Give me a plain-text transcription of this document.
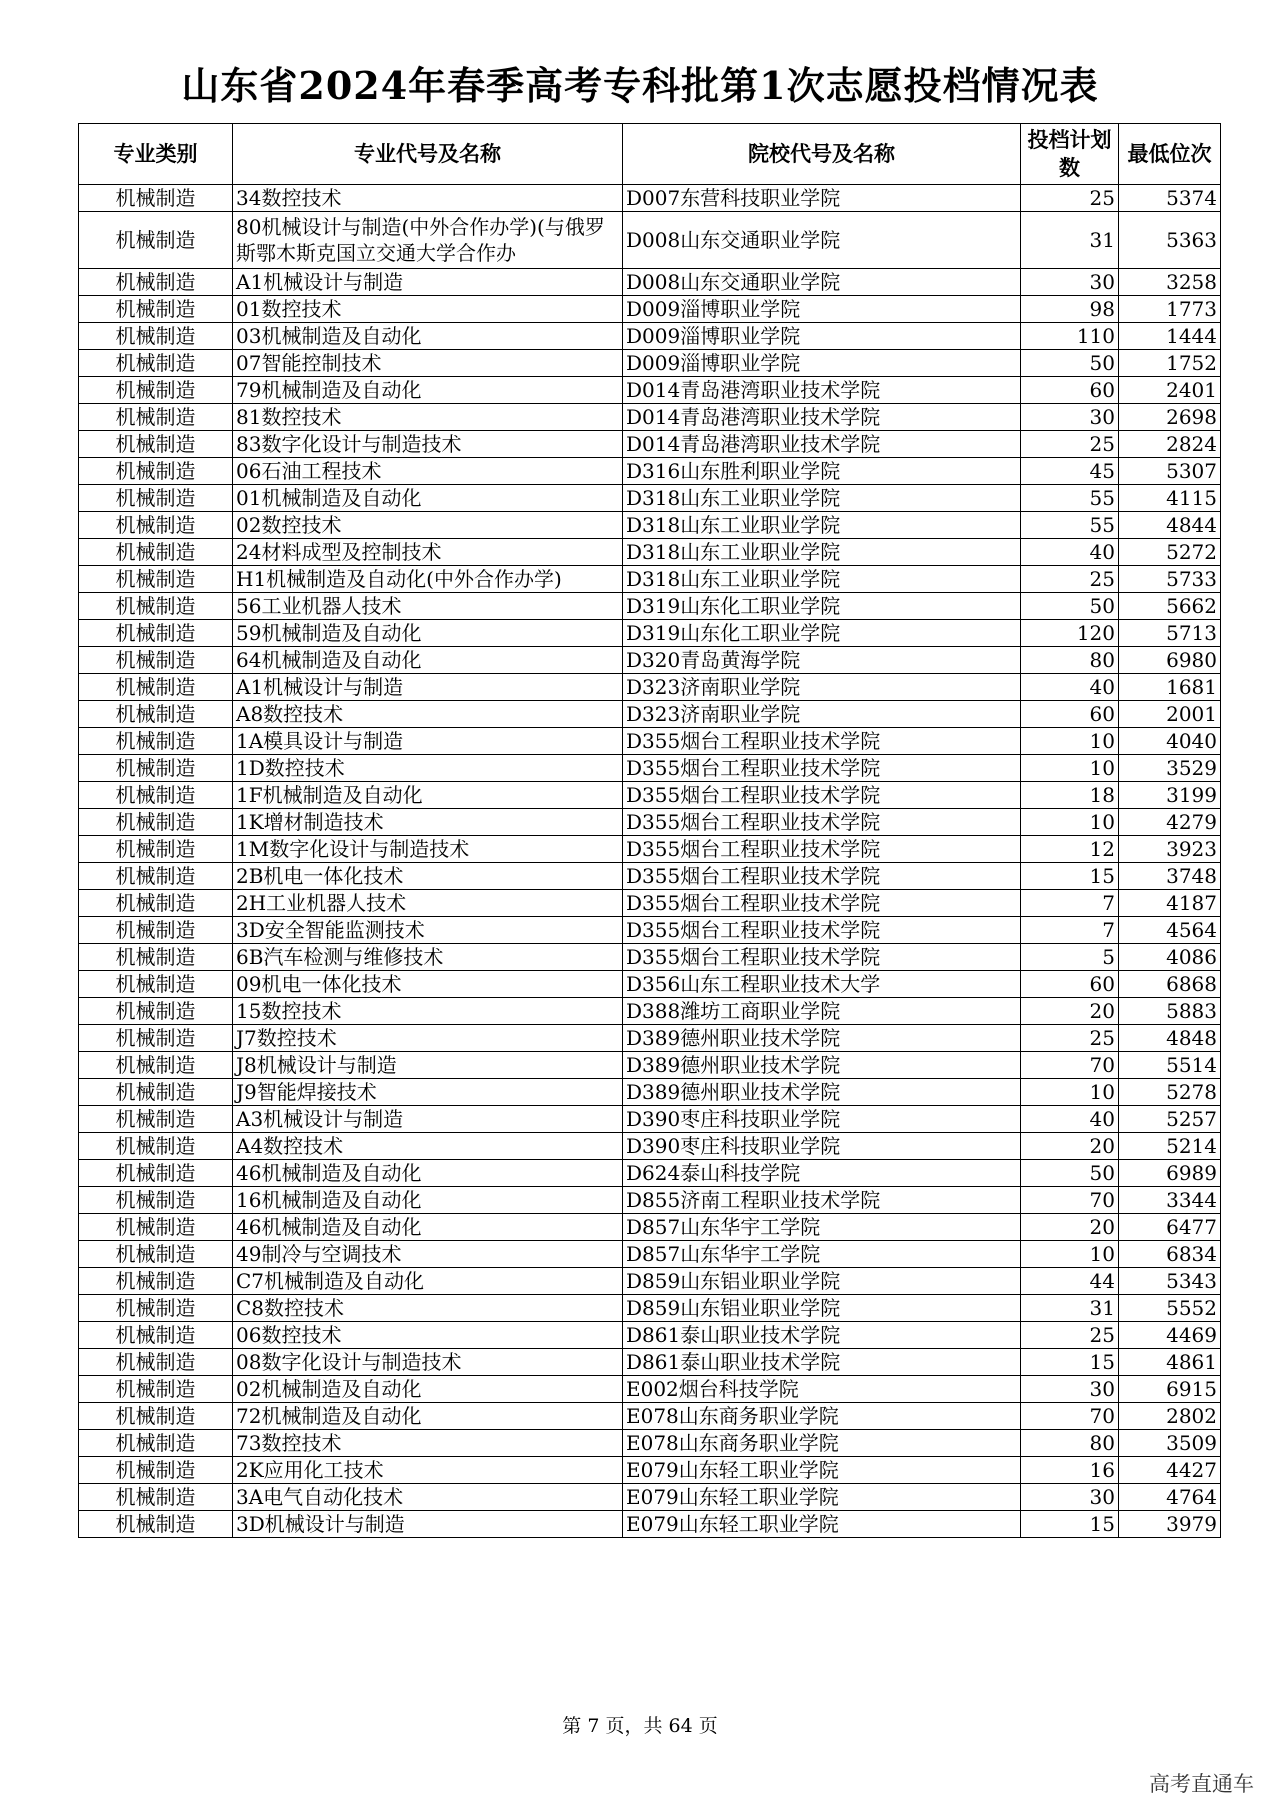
山东省2024年春季高考专科批第1次志愿投档情况表
专业类别	专业代号及名称	院校代号及名称	投档计划数	最低位次
机械制造	34数控技术	D007东营科技职业学院	25	5374
机械制造	80机械设计与制造(中外合作办学)(与俄罗斯鄂木斯克国立交通大学合作办	D008山东交通职业学院	31	5363
机械制造	A1机械设计与制造	D008山东交通职业学院	30	3258
机械制造	01数控技术	D009淄博职业学院	98	1773
机械制造	03机械制造及自动化	D009淄博职业学院	110	1444
机械制造	07智能控制技术	D009淄博职业学院	50	1752
机械制造	79机械制造及自动化	D014青岛港湾职业技术学院	60	2401
机械制造	81数控技术	D014青岛港湾职业技术学院	30	2698
机械制造	83数字化设计与制造技术	D014青岛港湾职业技术学院	25	2824
机械制造	06石油工程技术	D316山东胜利职业学院	45	5307
机械制造	01机械制造及自动化	D318山东工业职业学院	55	4115
机械制造	02数控技术	D318山东工业职业学院	55	4844
机械制造	24材料成型及控制技术	D318山东工业职业学院	40	5272
机械制造	H1机械制造及自动化(中外合作办学)	D318山东工业职业学院	25	5733
机械制造	56工业机器人技术	D319山东化工职业学院	50	5662
机械制造	59机械制造及自动化	D319山东化工职业学院	120	5713
机械制造	64机械制造及自动化	D320青岛黄海学院	80	6980
机械制造	A1机械设计与制造	D323济南职业学院	40	1681
机械制造	A8数控技术	D323济南职业学院	60	2001
机械制造	1A模具设计与制造	D355烟台工程职业技术学院	10	4040
机械制造	1D数控技术	D355烟台工程职业技术学院	10	3529
机械制造	1F机械制造及自动化	D355烟台工程职业技术学院	18	3199
机械制造	1K增材制造技术	D355烟台工程职业技术学院	10	4279
机械制造	1M数字化设计与制造技术	D355烟台工程职业技术学院	12	3923
机械制造	2B机电一体化技术	D355烟台工程职业技术学院	15	3748
机械制造	2H工业机器人技术	D355烟台工程职业技术学院	7	4187
机械制造	3D安全智能监测技术	D355烟台工程职业技术学院	7	4564
机械制造	6B汽车检测与维修技术	D355烟台工程职业技术学院	5	4086
机械制造	09机电一体化技术	D356山东工程职业技术大学	60	6868
机械制造	15数控技术	D388潍坊工商职业学院	20	5883
机械制造	J7数控技术	D389德州职业技术学院	25	4848
机械制造	J8机械设计与制造	D389德州职业技术学院	70	5514
机械制造	J9智能焊接技术	D389德州职业技术学院	10	5278
机械制造	A3机械设计与制造	D390枣庄科技职业学院	40	5257
机械制造	A4数控技术	D390枣庄科技职业学院	20	5214
机械制造	46机械制造及自动化	D624泰山科技学院	50	6989
机械制造	16机械制造及自动化	D855济南工程职业技术学院	70	3344
机械制造	46机械制造及自动化	D857山东华宇工学院	20	6477
机械制造	49制冷与空调技术	D857山东华宇工学院	10	6834
机械制造	C7机械制造及自动化	D859山东铝业职业学院	44	5343
机械制造	C8数控技术	D859山东铝业职业学院	31	5552
机械制造	06数控技术	D861泰山职业技术学院	25	4469
机械制造	08数字化设计与制造技术	D861泰山职业技术学院	15	4861
机械制造	02机械制造及自动化	E002烟台科技学院	30	6915
机械制造	72机械制造及自动化	E078山东商务职业学院	70	2802
机械制造	73数控技术	E078山东商务职业学院	80	3509
机械制造	2K应用化工技术	E079山东轻工职业学院	16	4427
机械制造	3A电气自动化技术	E079山东轻工职业学院	30	4764
机械制造	3D机械设计与制造	E079山东轻工职业学院	15	3979
第 7 页，共 64 页
高考直通车
